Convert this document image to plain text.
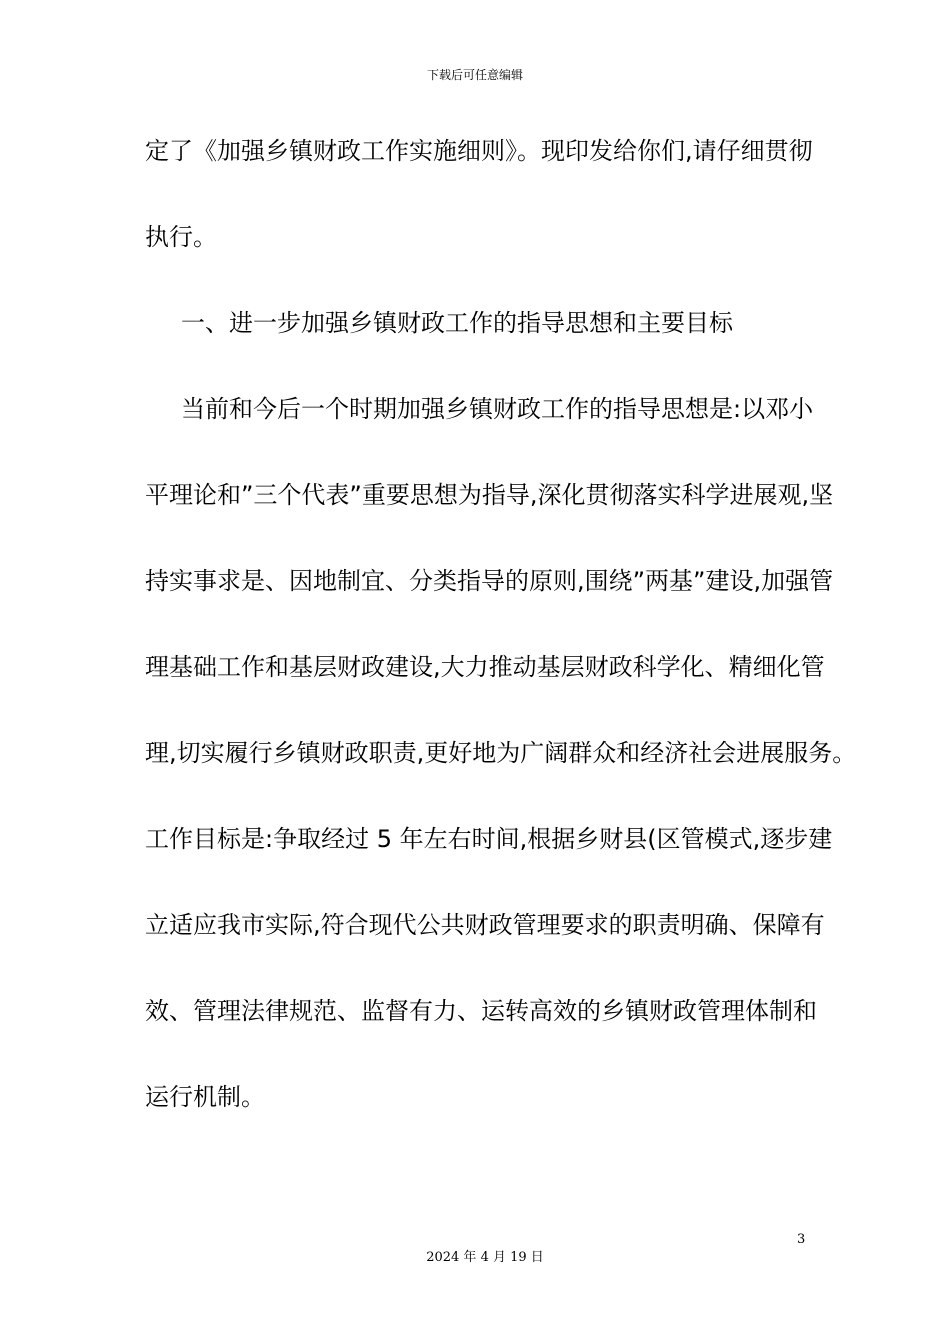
下载后可任意编辑
定了《加强乡镇财政工作实施细则》。现印发给你们,请仔细贯彻
执行。
一、进一步加强乡镇财政工作的指导思想和主要目标
当前和今后一个时期加强乡镇财政工作的指导思想是:以邓小
平理论和”三个代表”重要思想为指导,深化贯彻落实科学进展观,坚
持实事求是、因地制宜、分类指导的原则,围绕”两基”建设,加强管
理基础工作和基层财政建设,大力推动基层财政科学化、精细化管
理,切实履行乡镇财政职责,更好地为广阔群众和经济社会进展服务。
工作目标是:争取经过 5 年左右时间,根据乡财县(区管模式,逐步建
立适应我市实际,符合现代公共财政管理要求的职责明确、保障有
效、管理法律规范、监督有力、运转高效的乡镇财政管理体制和
运行机制。
3
2024 年 4 月 19 日
